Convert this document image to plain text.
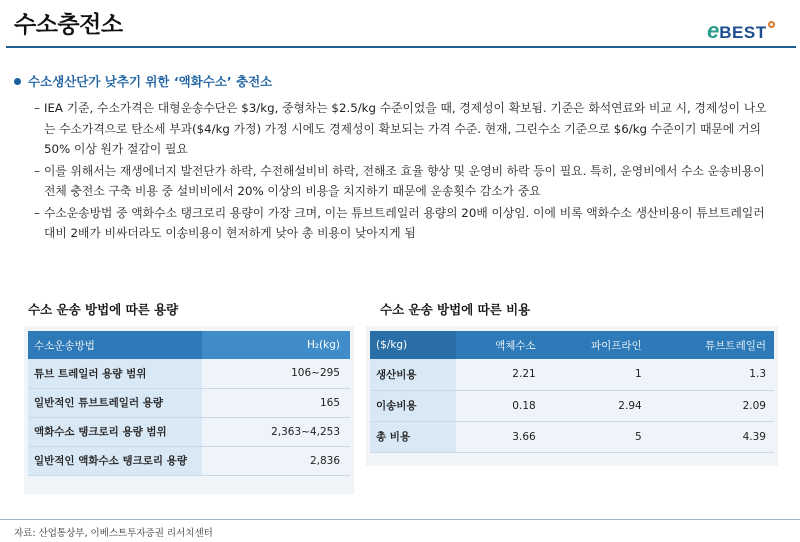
수소충전소	eBEST
수소생산단가 낮추기 위한 ‘액화수소’ 충전소
– IEA 기준, 수소가격은 대형운송수단은 $3/kg, 중형차는 $2.5/kg 수준이었을 때, 경제성이 확보됨. 기준은 화석연료와 비교 시, 경제성이 나오는 수소가격으로 탄소세 부과($4/kg 가정) 가정 시에도 경제성이 확보되는 가격 수준. 현재, 그린수소 기준으로 $6/kg 수준이기 때문에 거의 50% 이상 원가 절감이 필요
– 이를 위해서는 재생에너지 발전단가 하락, 수전해설비비 하락, 전해조 효율 향상 및 운영비 하락 등이 필요. 특히, 운영비에서 수소 운송비용이 전체 충전소 구축 비용 중 설비비에서 20% 이상의 비용을 치지하기 때문에 운송횟수 감소가 중요
– 수소운송방법 중 액화수소 탱크로리 용량이 가장 크며, 이는 튜브트레일러 용량의 20배 이상임. 이에 비록 액화수소 생산비용이 튜브트레일러 대비 2배가 비싸더라도 이송비용이 현저하게 낮아 총 비용이 낮아지게 됨
수소 운송 방법에 따른 용량
수소운송방법	H₂(kg)
튜브 트레일러 용량 범위	106~295
일반적인 튜브트레일러 용량	165
액화수소 탱크로리 용량 범위	2,363~4,253
일반적인 액화수소 탱크로리 용량	2,836
수소 운송 방법에 따른 비용
($/kg)	액체수소	파이프라인	튜브트레일러
생산비용	2.21	1	1.3
이송비용	0.18	2.94	2.09
총 비용	3.66	5	4.39
자료: 산업통상부, 이베스트투자증권 리서치센터
